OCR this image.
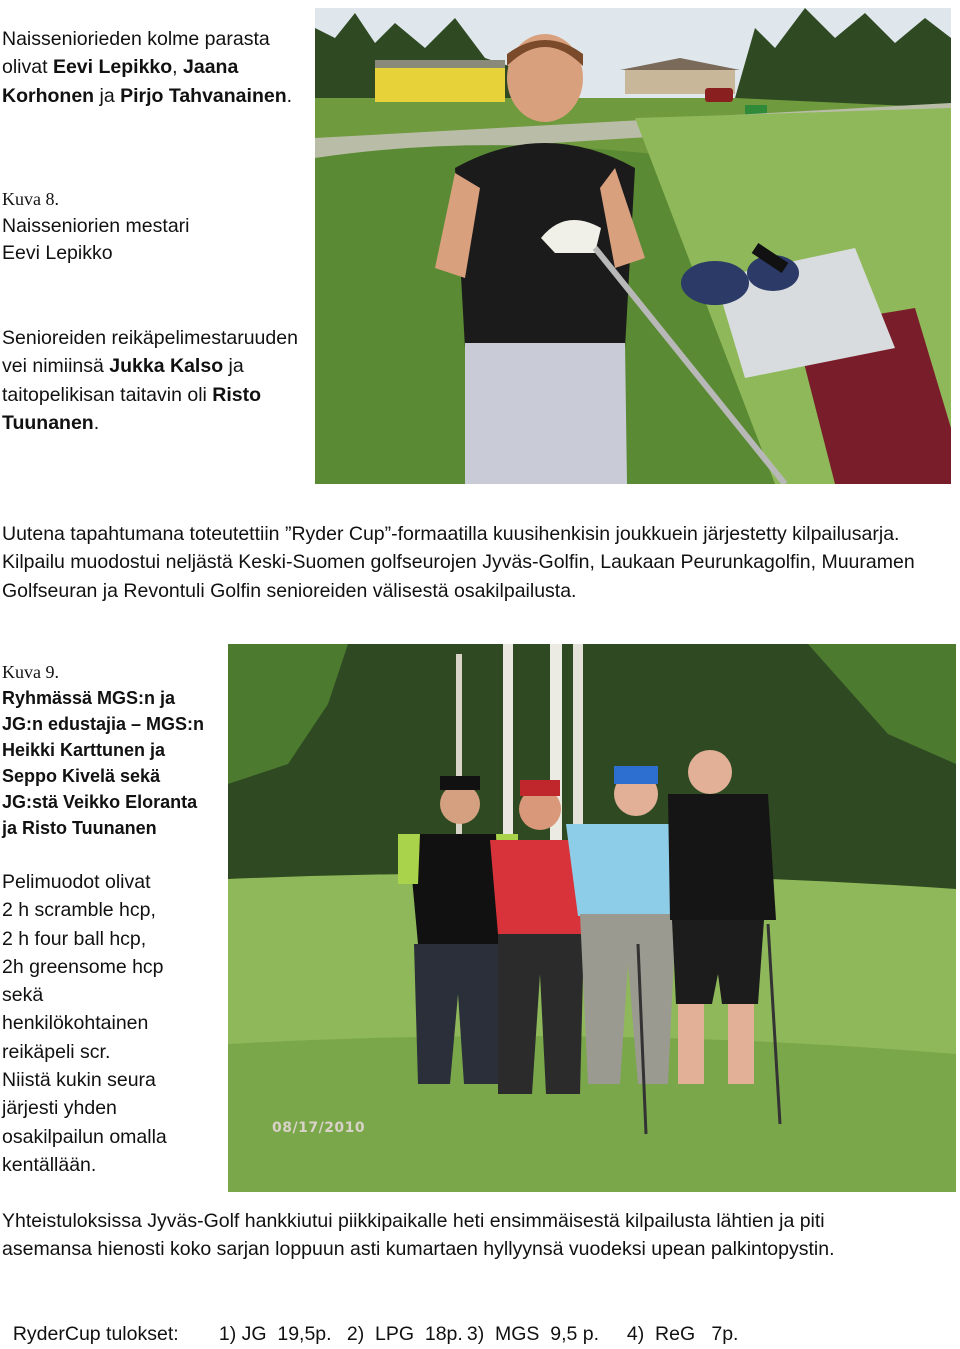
Naisseniorieden kolme parasta olivat Eevi Lepikko, Jaana Korhonen ja Pirjo Tahvanainen.
Kuva 8.
Naisseniorien mestari
Eevi Lepikko
Senioreiden reikäpelimestaruuden vei nimiinsä Jukka Kalso ja taitopelikisan taitavin oli Risto Tuunanen.
Uutena tapahtumana toteutettiin ”Ryder Cup”-formaatilla kuusihenkisin joukkuein järjestetty kilpailusarja.
Kilpailu muodostui neljästä Keski-Suomen golfseurojen Jyväs-Golfin, Laukaan Peurunkagolfin, Muuramen Golfseuran ja Revontuli Golfin senioreiden välisestä osakilpailusta.
Kuva 9.
Ryhmässä MGS:n ja
JG:n edustajia – MGS:n
Heikki Karttunen ja
Seppo Kivelä sekä
JG:stä Veikko Eloranta
ja Risto Tuunanen
Pelimuodot olivat
2 h scramble hcp,
2 h four ball hcp,
2h greensome hcp
sekä
henkilökohtainen
reikäpeli scr.
Niistä kukin seura
järjesti yhden
osakilpailun omalla
kentällään.
08/17/2010
Yhteistuloksissa Jyväs-Golf hankkiutui piikkipaikalle heti ensimmäisestä kilpailusta lähtien ja piti
asemansa hienosti koko sarjan loppuun asti kumartaen hyllyynsä vuodeksi upean palkintopystin.

RyderCup tulokset: 1) JG  19,5p. 2)  LPG  18p. 3)  MGS  9,5 p. 4)  ReG   7p.
